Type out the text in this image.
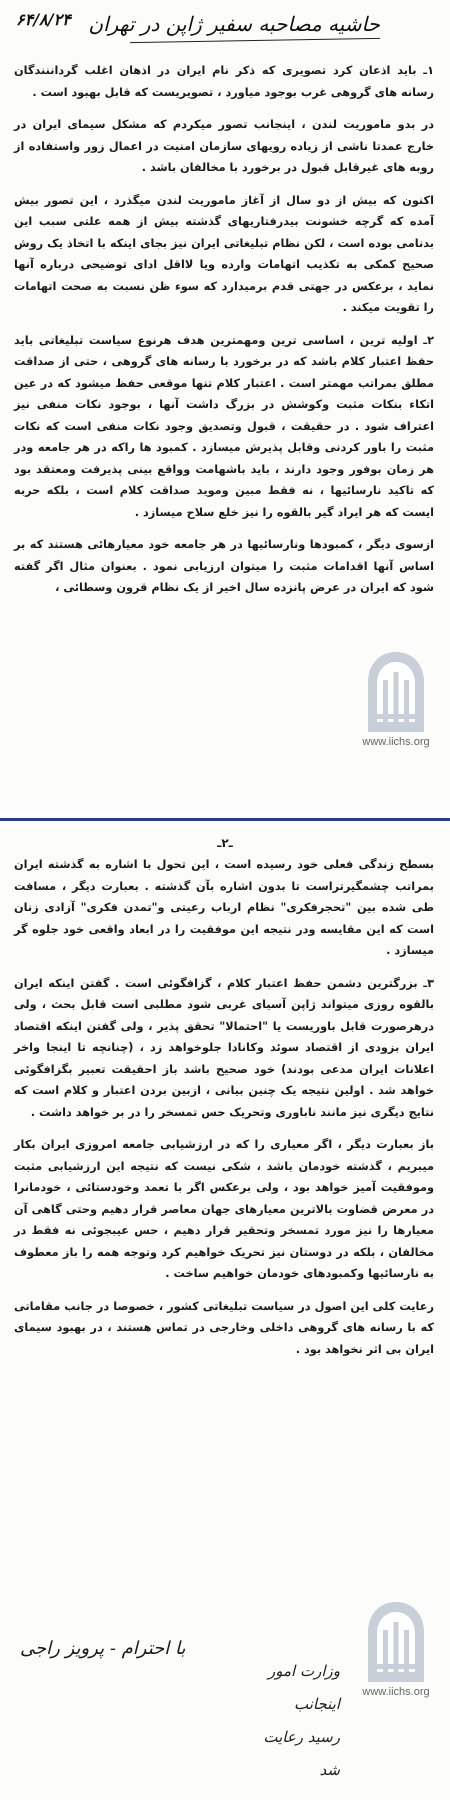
حاشیه مصاحبه سفیر ژاپن در تهران
۶۴/۸/۲۴

۱ـ باید اذعان کرد تصویری که ذکر نام ایران در اذهان اغلب گرداننندگان رسانه های گروهی غرب بوجود میاورد ، تصویریست که قابل بهبود است .

در بدو ماموریت لندن ، اینجانب تصور میکردم که مشکل سیمای ایران در خارج عمدتا ناشی از زیاده رویهای سازمان امنیت در اعمال زور واستفاده از روبه های غیرقابل قبول در برخورد با مخالفان باشد .

اکنون که بیش از دو سال از آغاز ماموریت لندن میگذرد ، این تصور بیش آمده که گرچه خشونت بیدرفتاریهای گذشته بیش از همه علتی سبب این بدنامی بوده است ، لکن نظام تبلیغاتی ایران نیز بجای اینکه با اتخاذ یک روش صحیح کمکی به تکذیب اتهامات وارده ویا لااقل ادای توضیحی درباره آنها نماید ، برعکس در جهتی قدم برمیدارد که سوء ظن نسبت به صحت اتهامات را تقویت میکند .

۲ـ اولیه ترین ، اساسی ترین ومهمترین هدف هرنوع سیاست تبلیغاتی باید حفظ اعتبار کلام باشد که در برخورد با رسانه های گروهی ، حتی از صداقت مطلق بمراتب مهمتر است . اعتبار کلام تنها موقعی حفظ میشود که در عین اتکاء بنکات مثبت وکوشش در بزرگ داشت آنها ، بوجود نکات منفی نیز اعتراف شود . در حقیقت ، قبول وتصدیق وجود نکات منفی است که نکات مثبت را باور کردنی وقابل پذیرش میسازد . کمبود ها راکه در هر جامعه ودر هر زمان بوفور وجود دارند ، باید باشهامت وواقع بینی پذیرفت ومعتقد بود که تاکید نارسائیها ، نه فقط مبین وموید صداقت کلام است ، بلکه حربه ایست که هر ایراد گیر بالقوه را نیز خلع سلاح میسازد .

ازسوی دیگر ، کمبودها ونارسائیها در هر جامعه خود معیارهائی هستند که بر اساس آنها اقدامات مثبت را میتوان ارزیابی نمود . بعنوان مثال اگر گفته شود که ایران در عرض پانزده سال اخیر از یک نظام قرون وسطائی ،

www.iichs.org
ـ۲ـ

بسطح زندگی فعلی خود رسیده است ، این تحول با اشاره به گذشته ایران بمراتب چشمگیرتراست تا بدون اشاره بآن گذشته . بعبارت دیگر ، مسافت طی شده بین "تحجرفکری" نظام ارباب رعیتی و"تمدن فکری" آزادی زنان است که این مقایسه ودر نتیجه این موفقیت را در ابعاد واقعی خود جلوه گر میسازد .

۳ـ بزرگترین دشمن حفظ اعتبار کلام ، گزافگوئی است . گفتن اینکه ایران بالقوه روزی میتواند ژاپن آسیای غربی شود مطلبی است قابل بحث ، ولی درهرصورت قابل باوریست یا "احتمالا" تحقق پذیر ، ولی گفتن اینکه اقتصاد ایران بزودی از اقتصاد سوئد وکانادا جلوخواهد زد ، (چنانچه تا اینجا واخر اعلانات ایران مدعی بودند) خود صحیح باشد باز احقیقت تعبیر بگزافگوئی خواهد شد . اولین نتیجه یک چنین بیانی ، ازبین بردن اعتبار و کلام است که نتایج دیگری نیز مانند ناباوری وتحریک حس تمسخر را در بر خواهد داشت .

باز بعبارت دیگر ، اگر معیاری را که در ارزشیابی جامعه امروزی ایران بکار میبریم ، گذشته خودمان باشد ، شکی نیست که نتیجه این ارزشیابی مثبت وموفقیت آمیز خواهد بود ، ولی برعکس اگر با تعمد وخودستائی ، خودمانرا در معرض قضاوت بالاترین معیارهای جهان معاصر قرار دهیم وحتی گاهی آن معیارها را نیز مورد تمسخر وتحقیر قرار دهیم ، حس عیبجوئی نه فقط در مخالفان ، بلکه در دوستان نیز تحریک خواهیم کرد وتوجه همه را باز معطوف به نارسائیها وکمبودهای خودمان خواهیم ساخت .

رعایت کلی این اصول در سیاست تبلیغاتی کشور ، خصوصا در جانب مقاماتی که با رسانه های گروهی داخلی وخارجی در تماس هستند ، در بهبود سیمای ایران بی اثر نخواهد بود .

با احترام - پرویز راجی
وزارت امور
اینجانب
رسید رعایت
شد
www.iichs.org
